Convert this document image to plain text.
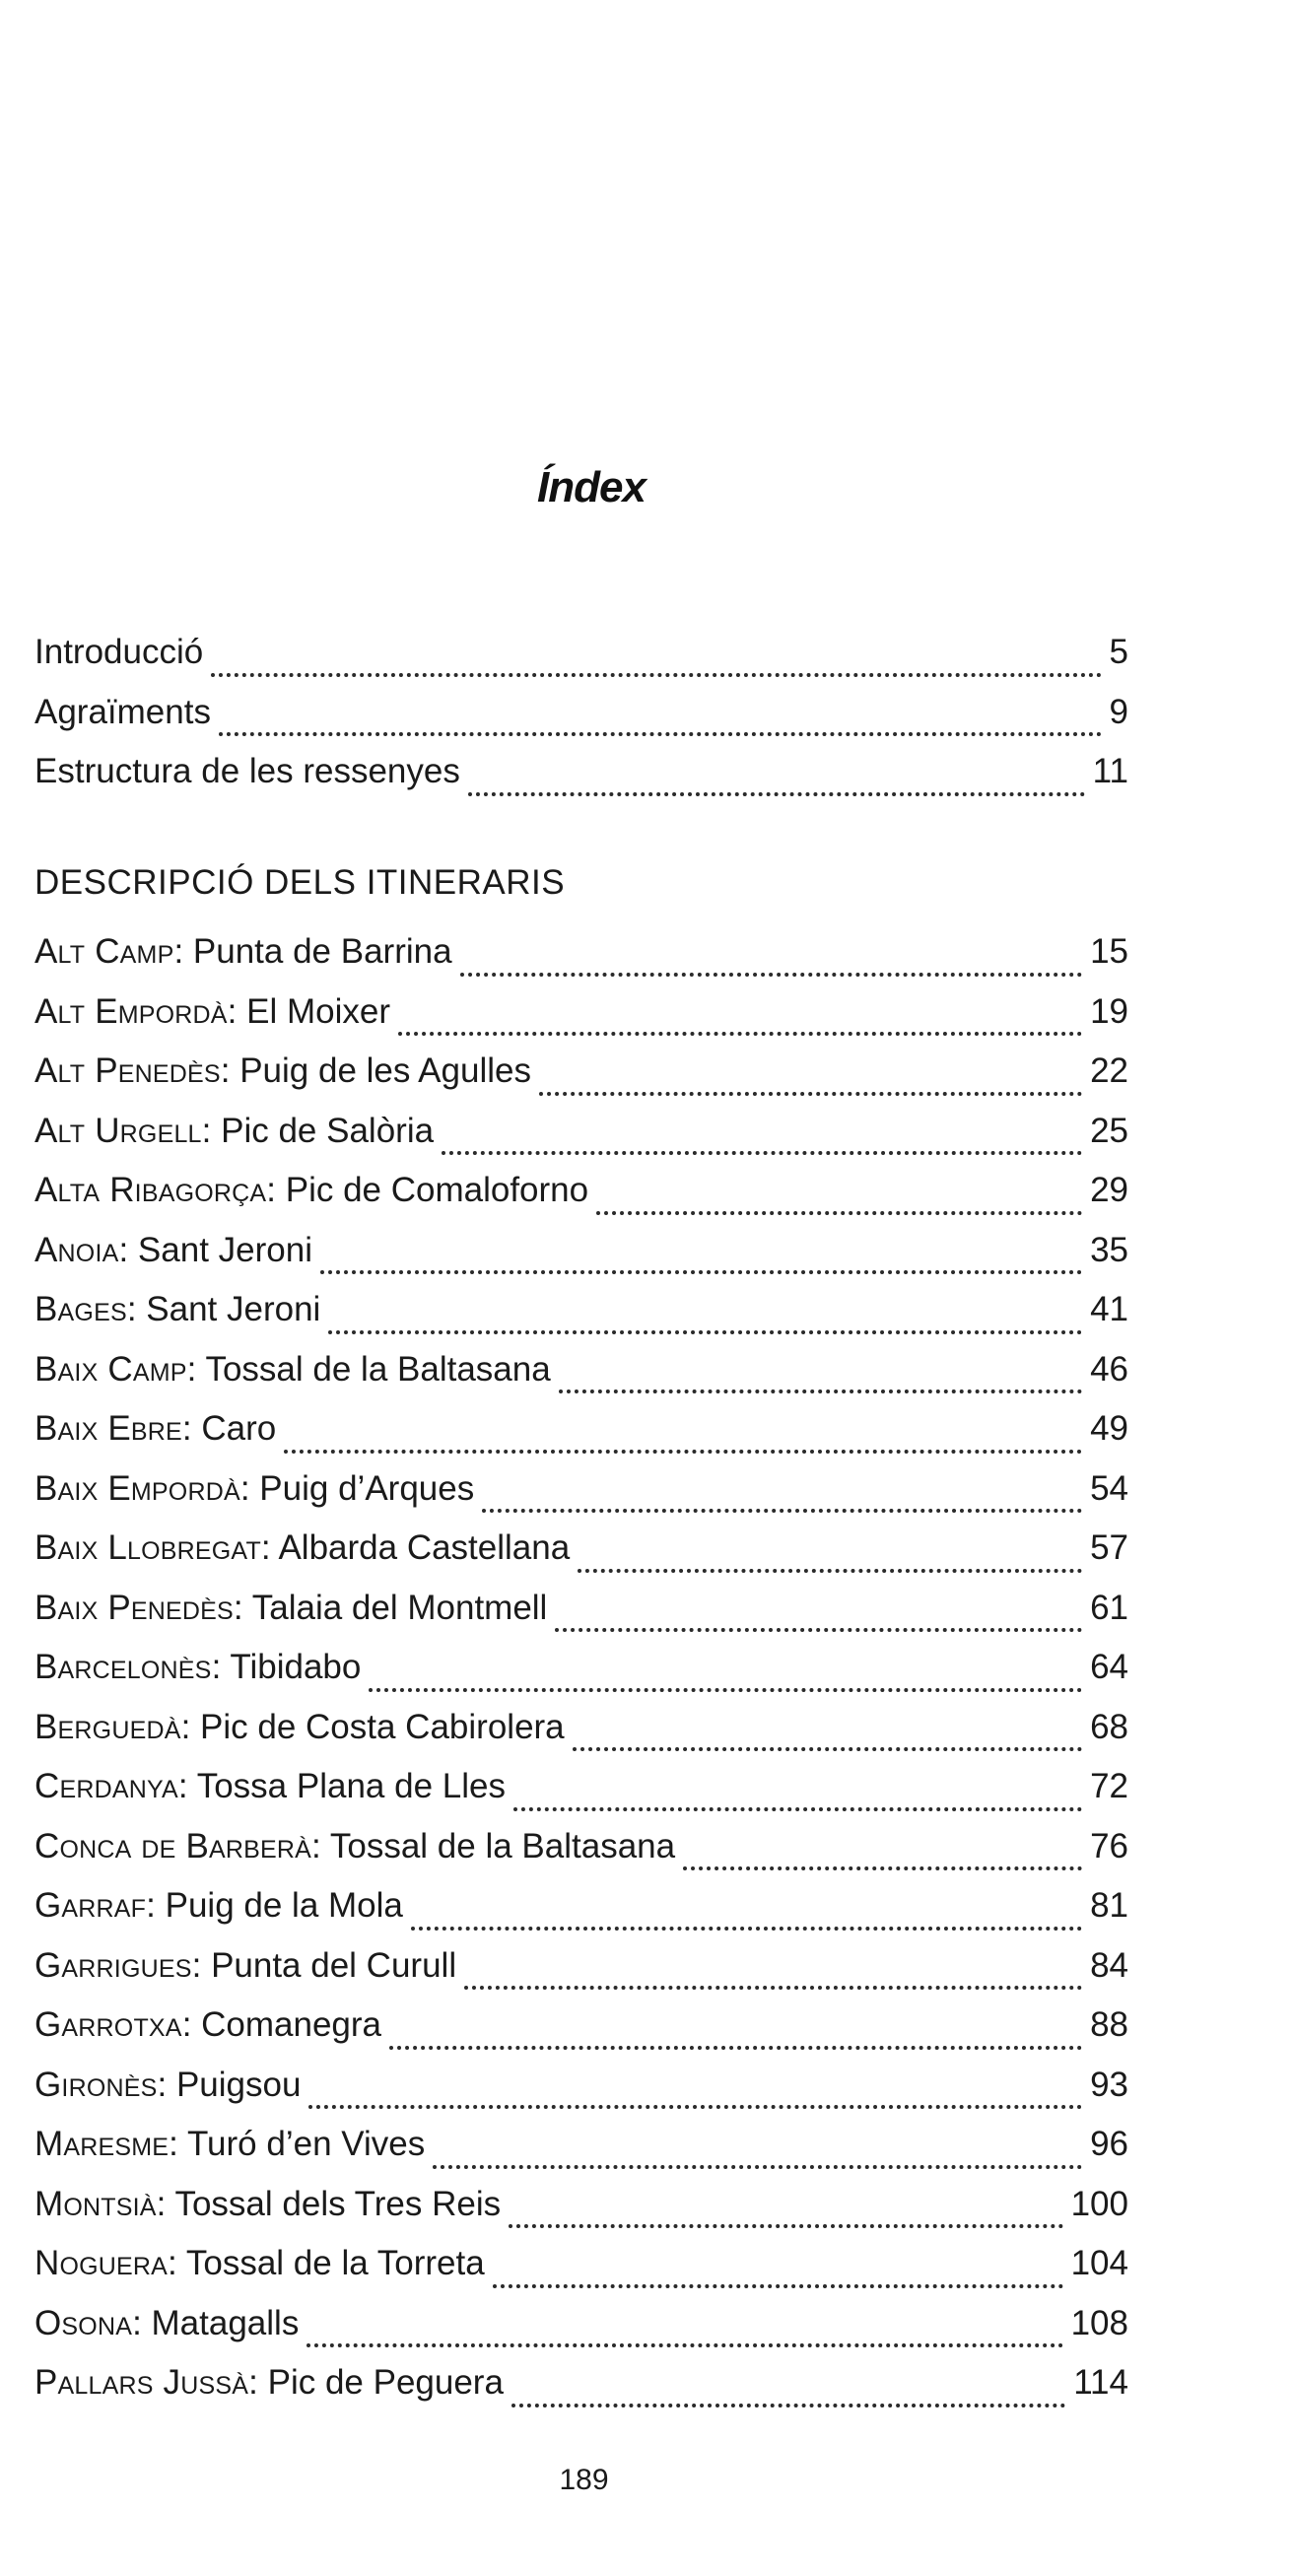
Índex
Introducció	5
Agraïments	9
Estructura de les ressenyes	11
DESCRIPCIÓ DELS ITINERARIS
Alt Camp: Punta de Barrina	15
Alt Empordà: El Moixer	19
Alt Penedès: Puig de les Agulles	22
Alt Urgell: Pic de Salòria	25
Alta Ribagorça: Pic de Comaloforno	29
Anoia: Sant Jeroni	35
Bages: Sant Jeroni	41
Baix Camp: Tossal de la Baltasana	46
Baix Ebre: Caro	49
Baix Empordà: Puig d’Arques	54
Baix Llobregat: Albarda Castellana	57
Baix Penedès: Talaia del Montmell	61
Barcelonès: Tibidabo	64
Berguedà: Pic de Costa Cabirolera	68
Cerdanya: Tossa Plana de Lles	72
Conca de Barberà: Tossal de la Baltasana	76
Garraf: Puig de la Mola	81
Garrigues: Punta del Curull	84
Garrotxa: Comanegra	88
Gironès: Puigsou	93
Maresme: Turó d’en Vives	96
Montsià: Tossal dels Tres Reis	100
Noguera: Tossal de la Torreta	104
Osona: Matagalls	108
Pallars Jussà: Pic de Peguera	114
189
